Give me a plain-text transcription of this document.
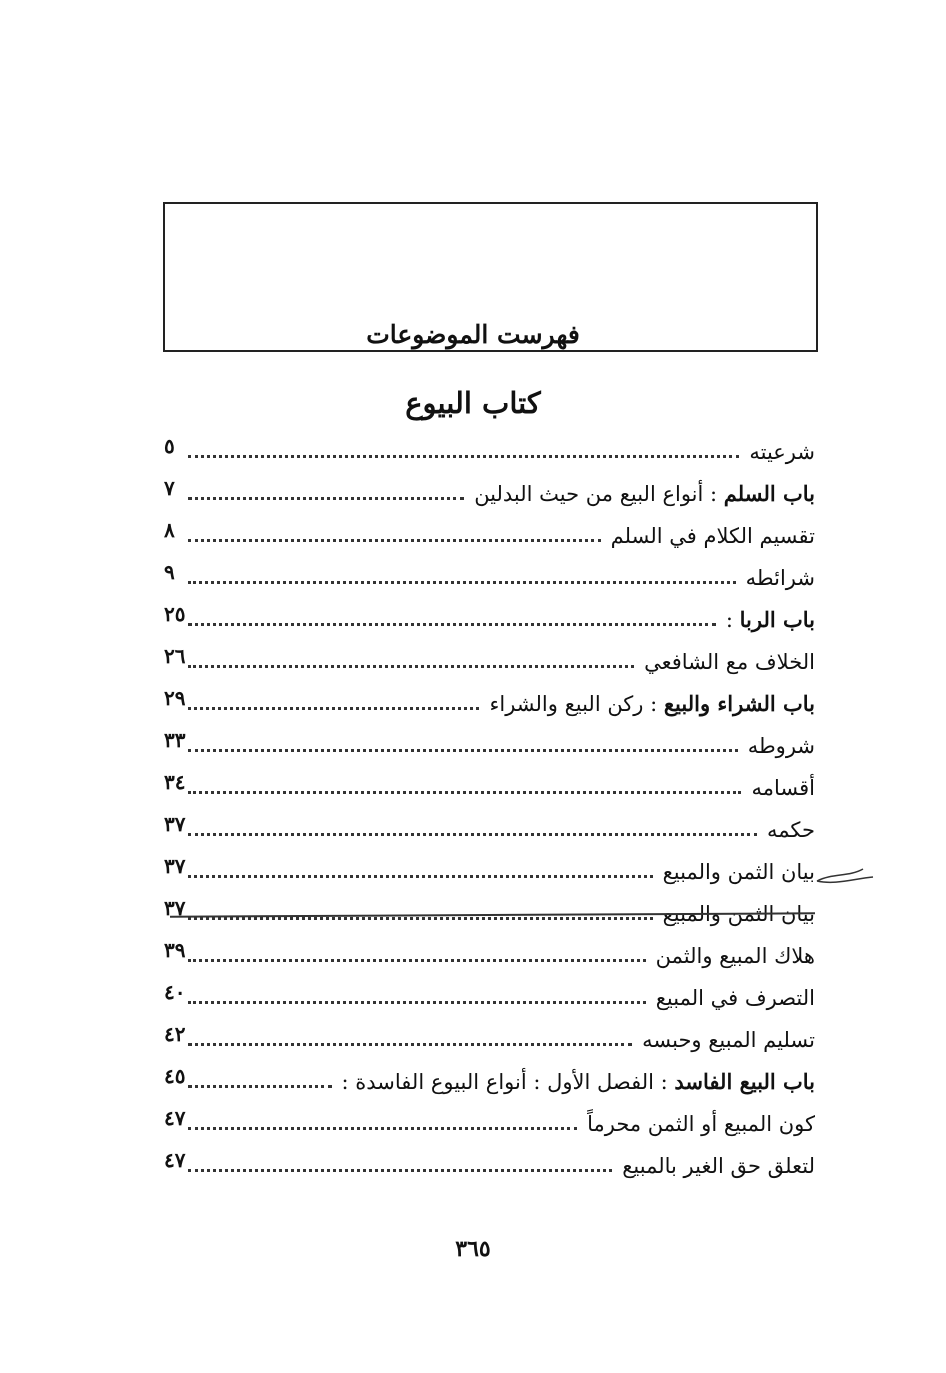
فهرست الموضوعات
كتاب البيوع
شرعيته
٥
باب السلم : أنواع البيع من حيث البدلين
٧
تقسيم الكلام في السلم
٨
شرائطه
٩
باب الربا :
٢٥
الخلاف مع الشافعي
٢٦
باب الشراء والبيع : ركن البيع والشراء
٢٩
شروطه
٣٣
أقسامه
٣٤
حكمه
٣٧
بيان الثمن والمبيع
٣٧
بيان الثمن والمبيع
٣٧
هلاك المبيع والثمن
٣٩
التصرف في المبيع
٤٠
تسليم المبيع وحبسه
٤٢
باب البيع الفاسد : الفصل الأول : أنواع البيوع الفاسدة :
٤٥
كون المبيع أو الثمن محرماً
٤٧
لتعلق حق الغير بالمبيع
٤٧
٣٦٥
